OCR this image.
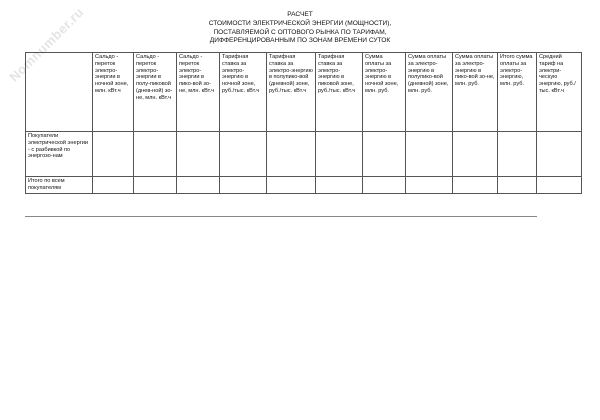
Nomnumber.ru	РАСЧЕТ
СТОИМОСТИ ЭЛЕКТРИЧЕСКОЙ ЭНЕРГИИ (МОЩНОСТИ),
ПОСТАВЛЯЕМОЙ С ОПТОВОГО РЫНКА ПО ТАРИФАМ,
ДИФФЕРЕНЦИРОВАННЫМ ПО ЗОНАМ ВРЕМЕНИ СУТОК
	Сальдо - переток электро-энергии в ночной зоне, млн. кВт.ч	Сальдо - переток электро-энергии в полу-пиковой (днев-ной) зо-не, млн. кВт.ч	Сальдо - переток электро-энергии в пико-вой зо-не, млн. кВт.ч	Тарифная ставка за электро-энергию в ночной зоне, руб./тыс. кВт.ч	Тарифная ставка за электро-энергию в полупико-вой (дневной) зоне, руб./тыс. кВт.ч	Тарифная ставка за электро-энергию в пиковой зоне, руб./тыс. кВт.ч	Сумма оплаты за электро-энергию в ночной зоне, млн. руб.	Сумма оплаты за электро-энергию в полупико-вой (дневной) зоне, млн. руб.	Сумма оплаты за электро-энергию в пико-вой зо-не, млн. руб.	Итого сумма оплаты за электро-энергию, млн. руб.	Средний тариф на электри-ческую энергию, руб./ тыс. кВт.ч
Покупатели электрической энергии - с разбивкой по энергозо-нам											
Итого по всем покупателям											
